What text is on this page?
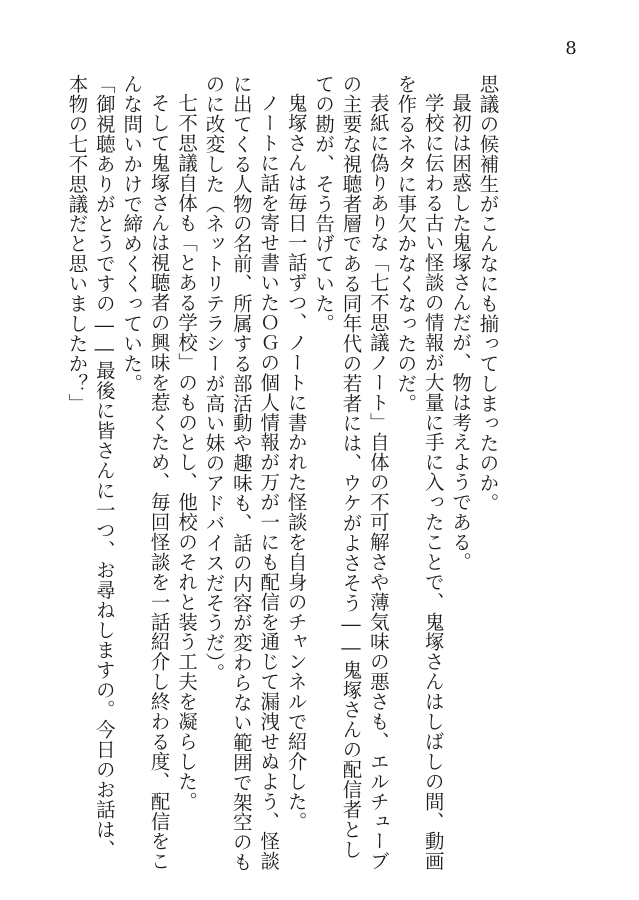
8

思議の候補生がこんなにも揃ってしまったのか。

最初は困惑した鬼塚さんだが、物は考えようである。

学校に伝わる古い怪談の情報が大量に手に入ったことで、鬼塚さんはしばしの間、動画を作るネタに事欠かなくなったのだ。

表紙に偽りありな「七不思議ノート」自体の不可解さや薄気味の悪さも、エルチューブの主要な視聴者層である同年代の若者には、ウケがよさそう――鬼塚さんの配信者としての勘が、そう告げていた。

鬼塚さんは毎日一話ずつ、ノートに書かれた怪談を自身のチャンネルで紹介した。

ノートに話を寄せ書いたＯＧの個人情報が万が一にも配信を通じて漏洩せぬよう、怪談に出てくる人物の名前、所属する部活動や趣味も、話の内容が変わらない範囲で架空のものに改変した（ネットリテラシーが高い妹のアドバイスだそうだ）。

七不思議自体も「とある学校」のものとし、他校のそれと装う工夫を凝らした。

そして鬼塚さんは視聴者の興味を惹くため、毎回怪談を一話紹介し終わる度、配信をこんな問いかけで締めくくっていた。

「御視聴ありがとうですの――最後に皆さんに一つ、お尋ねしますの。今日のお話は、本物の七不思議だと思いましたか？」
